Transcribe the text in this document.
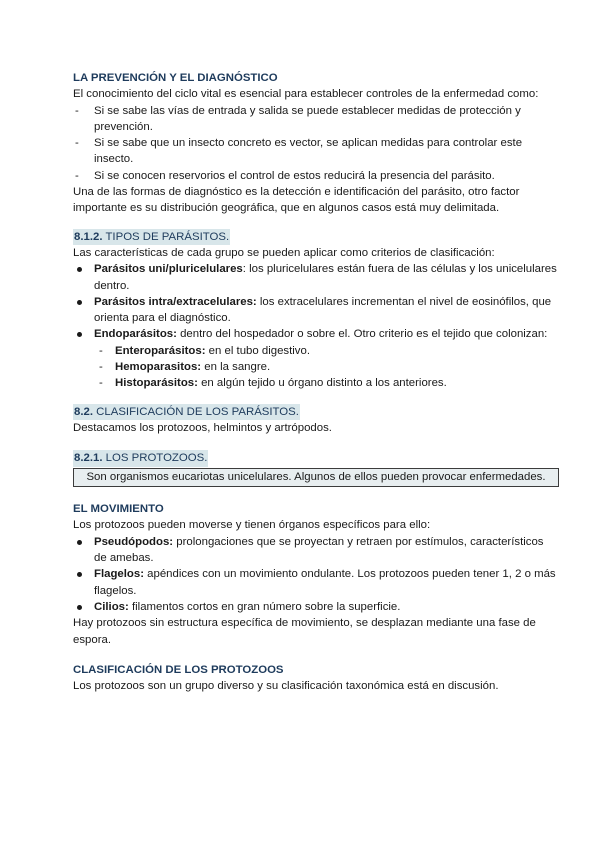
LA PREVENCIÓN Y EL DIAGNÓSTICO

El conocimiento del ciclo vital es esencial para establecer controles de la enfermedad como:

- Si se sabe las vías de entrada y salida se puede establecer medidas de protección y prevención.
- Si se sabe que un insecto concreto es vector, se aplican medidas para controlar este insecto.
- Si se conocen reservorios el control de estos reducirá la presencia del parásito.

Una de las formas de diagnóstico es la detección e identificación del parásito, otro factor importante es su distribución geográfica, que en algunos casos está muy delimitada.

8.1.2. TIPOS DE PARÁSITOS.

Las características de cada grupo se pueden aplicar como criterios de clasificación:

Parásitos uni/pluricelulares: los pluricelulares están fuera de las células y los unicelulares dentro.
Parásitos intra/extracelulares: los extracelulares incrementan el nivel de eosinófilos, que orienta para el diagnóstico.
Endoparásitos: dentro del hospedador o sobre el. Otro criterio es el tejido que colonizan:
- Enteroparásitos: en el tubo digestivo.
- Hemoparasitos: en la sangre.
- Histoparásitos: en algún tejido u órgano distinto a los anteriores.
8.2. CLASIFICACIÓN DE LOS PARÁSITOS.

Destacamos los protozoos, helmintos y artrópodos.

8.2.1. LOS PROTOZOOS.
Son organismos eucariotas unicelulares. Algunos de ellos pueden provocar enfermedades.
EL MOVIMIENTO

Los protozoos pueden moverse y tienen órganos específicos para ello:

Pseudópodos: prolongaciones que se proyectan y retraen por estímulos, característicos de amebas.
Flagelos: apéndices con un movimiento ondulante. Los protozoos pueden tener 1, 2 o más flagelos.
Cilios: filamentos cortos en gran número sobre la superficie.

Hay protozoos sin estructura específica de movimiento, se desplazan mediante una fase de espora.

CLASIFICACIÓN DE LOS PROTOZOOS

Los protozoos son un grupo diverso y su clasificación taxonómica está en discusión.
